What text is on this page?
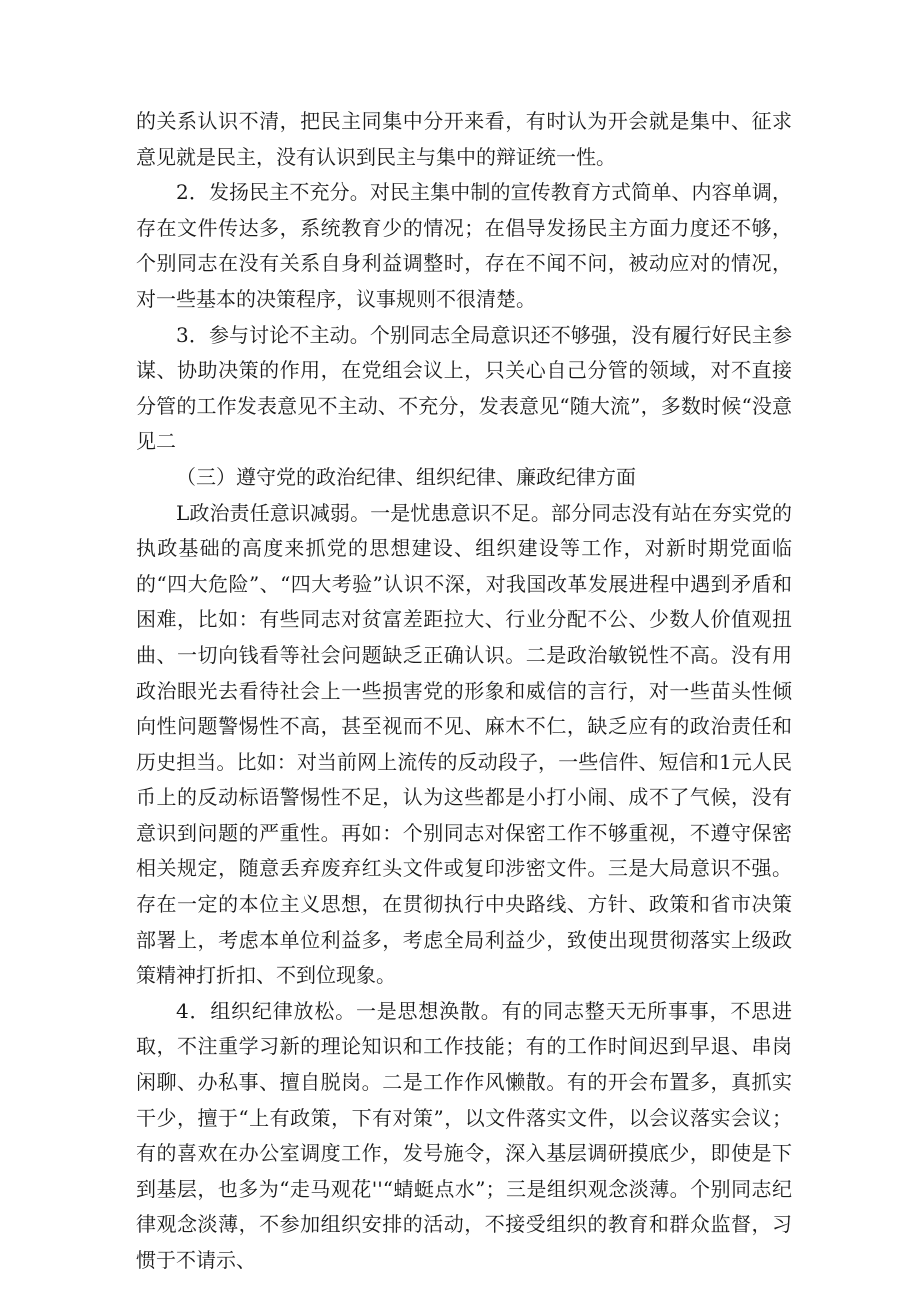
的关系认识不清，把民主同集中分开来看，有时认为开会就是集中、征求意见就是民主，没有认识到民主与集中的辩证统一性。

2．发扬民主不充分。对民主集中制的宣传教育方式简单、内容单调，存在文件传达多，系统教育少的情况；在倡导发扬民主方面力度还不够，个别同志在没有关系自身利益调整时，存在不闻不问，被动应对的情况，对一些基本的决策程序，议事规则不很清楚。

3．参与讨论不主动。个别同志全局意识还不够强，没有履行好民主参谋、协助决策的作用，在党组会议上，只关心自己分管的领域，对不直接分管的工作发表意见不主动、不充分，发表意见“随大流”，多数时候“没意见二

（三）遵守党的政治纪律、组织纪律、廉政纪律方面

L政治责任意识减弱。一是忧患意识不足。部分同志没有站在夯实党的执政基础的高度来抓党的思想建设、组织建设等工作，对新时期党面临的“四大危险”、“四大考验”认识不深，对我国改革发展进程中遇到矛盾和困难，比如：有些同志对贫富差距拉大、行业分配不公、少数人价值观扭曲、一切向钱看等社会问题缺乏正确认识。二是政治敏锐性不高。没有用政治眼光去看待社会上一些损害党的形象和威信的言行，对一些苗头性倾向性问题警惕性不高，甚至视而不见、麻木不仁，缺乏应有的政治责任和历史担当。比如：对当前网上流传的反动段子，一些信件、短信和1元人民币上的反动标语警惕性不足，认为这些都是小打小闹、成不了气候，没有意识到问题的严重性。再如：个别同志对保密工作不够重视，不遵守保密相关规定，随意丢弃废弃红头文件或复印涉密文件。三是大局意识不强。存在一定的本位主义思想，在贯彻执行中央路线、方针、政策和省市决策部署上，考虑本单位利益多，考虑全局利益少，致使出现贯彻落实上级政策精神打折扣、不到位现象。

4．组织纪律放松。一是思想涣散。有的同志整天无所事事，不思进取，不注重学习新的理论知识和工作技能；有的工作时间迟到早退、串岗闲聊、办私事、擅自脱岗。二是工作作风懒散。有的开会布置多，真抓实干少，擅于“上有政策，下有对策”，以文件落实文件，以会议落实会议；有的喜欢在办公室调度工作，发号施令，深入基层调研摸底少，即使是下到基层，也多为“走马观花''“蜻蜓点水”；三是组织观念淡薄。个别同志纪律观念淡薄，不参加组织安排的活动，不接受组织的教育和群众监督，习惯于不请示、
